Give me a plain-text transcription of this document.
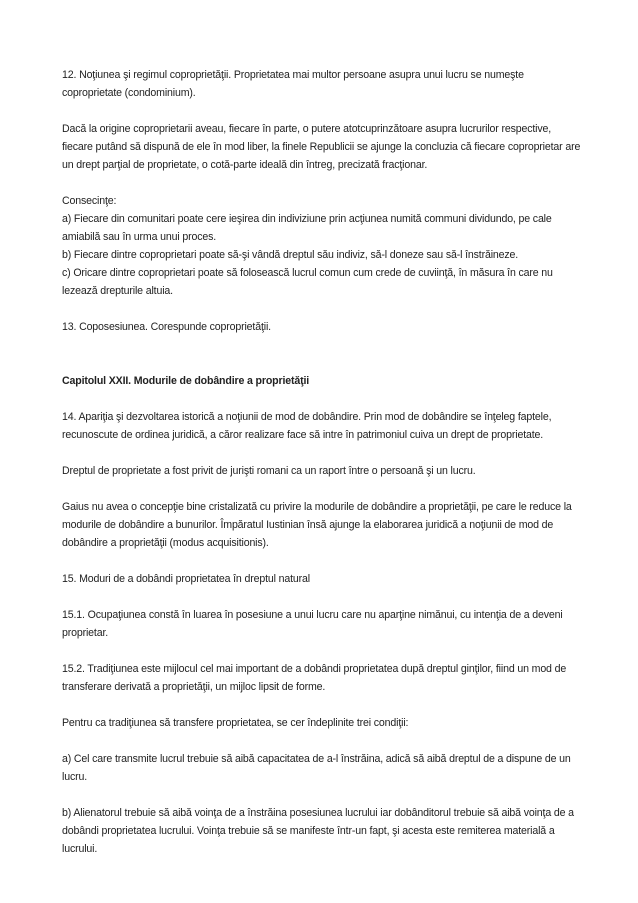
12. Noţiunea şi regimul coproprietăţii. Proprietatea mai multor persoane asupra unui lucru se numeşte coproprietate (condominium).

Dacă la origine coproprietarii aveau, fiecare în parte, o putere atotcuprinzătoare asupra lucrurilor respective, fiecare putând să dispună de ele în mod liber, la finele Republicii se ajunge la concluzia că fiecare coproprietar are un drept parţial de proprietate, o cotă-parte ideală din întreg, precizată fracţionar.

Consecinţe:

a) Fiecare din comunitari poate cere ieşirea din indiviziune prin acţiunea numită communi dividundo, pe cale amiabilă sau în urma unui proces.

b) Fiecare dintre coproprietari poate să-şi vândă dreptul său indiviz, să-l doneze sau să-l înstrăineze.

c) Oricare dintre coproprietari poate să folosească lucrul comun cum crede de cuviinţă, în măsura în care nu lezează drepturile altuia.

13. Coposesiunea. Corespunde coproprietăţii.

Capitolul XXII. Modurile de dobândire a proprietăţii

14. Apariţia şi dezvoltarea istorică a noţiunii de mod de dobândire. Prin mod de dobândire se înţeleg faptele, recunoscute de ordinea juridică, a căror realizare face să intre în patrimoniul cuiva un drept de proprietate.

Dreptul de proprietate a fost privit de jurişti romani ca un raport între o persoană şi un lucru.

Gaius nu avea o concepţie bine cristalizată cu privire la modurile de dobândire a proprietăţii, pe care le reduce la modurile de dobândire a bunurilor. Împăratul Iustinian însă ajunge la elaborarea juridică a noţiunii de mod de dobândire a proprietăţii (modus acquisitionis).

15. Moduri de a dobândi proprietatea în dreptul natural

15.1. Ocupaţiunea constă în luarea în posesiune a unui lucru care nu aparţine nimănui, cu intenţia de a deveni proprietar.

15.2. Tradiţiunea este mijlocul cel mai important de a dobândi proprietatea după dreptul ginţilor, fiind un mod de transferare derivată a proprietăţii, un mijloc lipsit de forme.

Pentru ca tradiţiunea să transfere proprietatea, se cer îndeplinite trei condiţii:

a) Cel care transmite lucrul trebuie să aibă capacitatea de a-l înstrăina, adică să aibă dreptul de a dispune de un lucru.

b) Alienatorul trebuie să aibă voinţa de a înstrăina posesiunea lucrului iar dobânditorul trebuie să aibă voinţa de a dobândi proprietatea lucrului. Voinţa trebuie să se manifeste într-un fapt, şi acesta este remiterea materială a lucrului.
